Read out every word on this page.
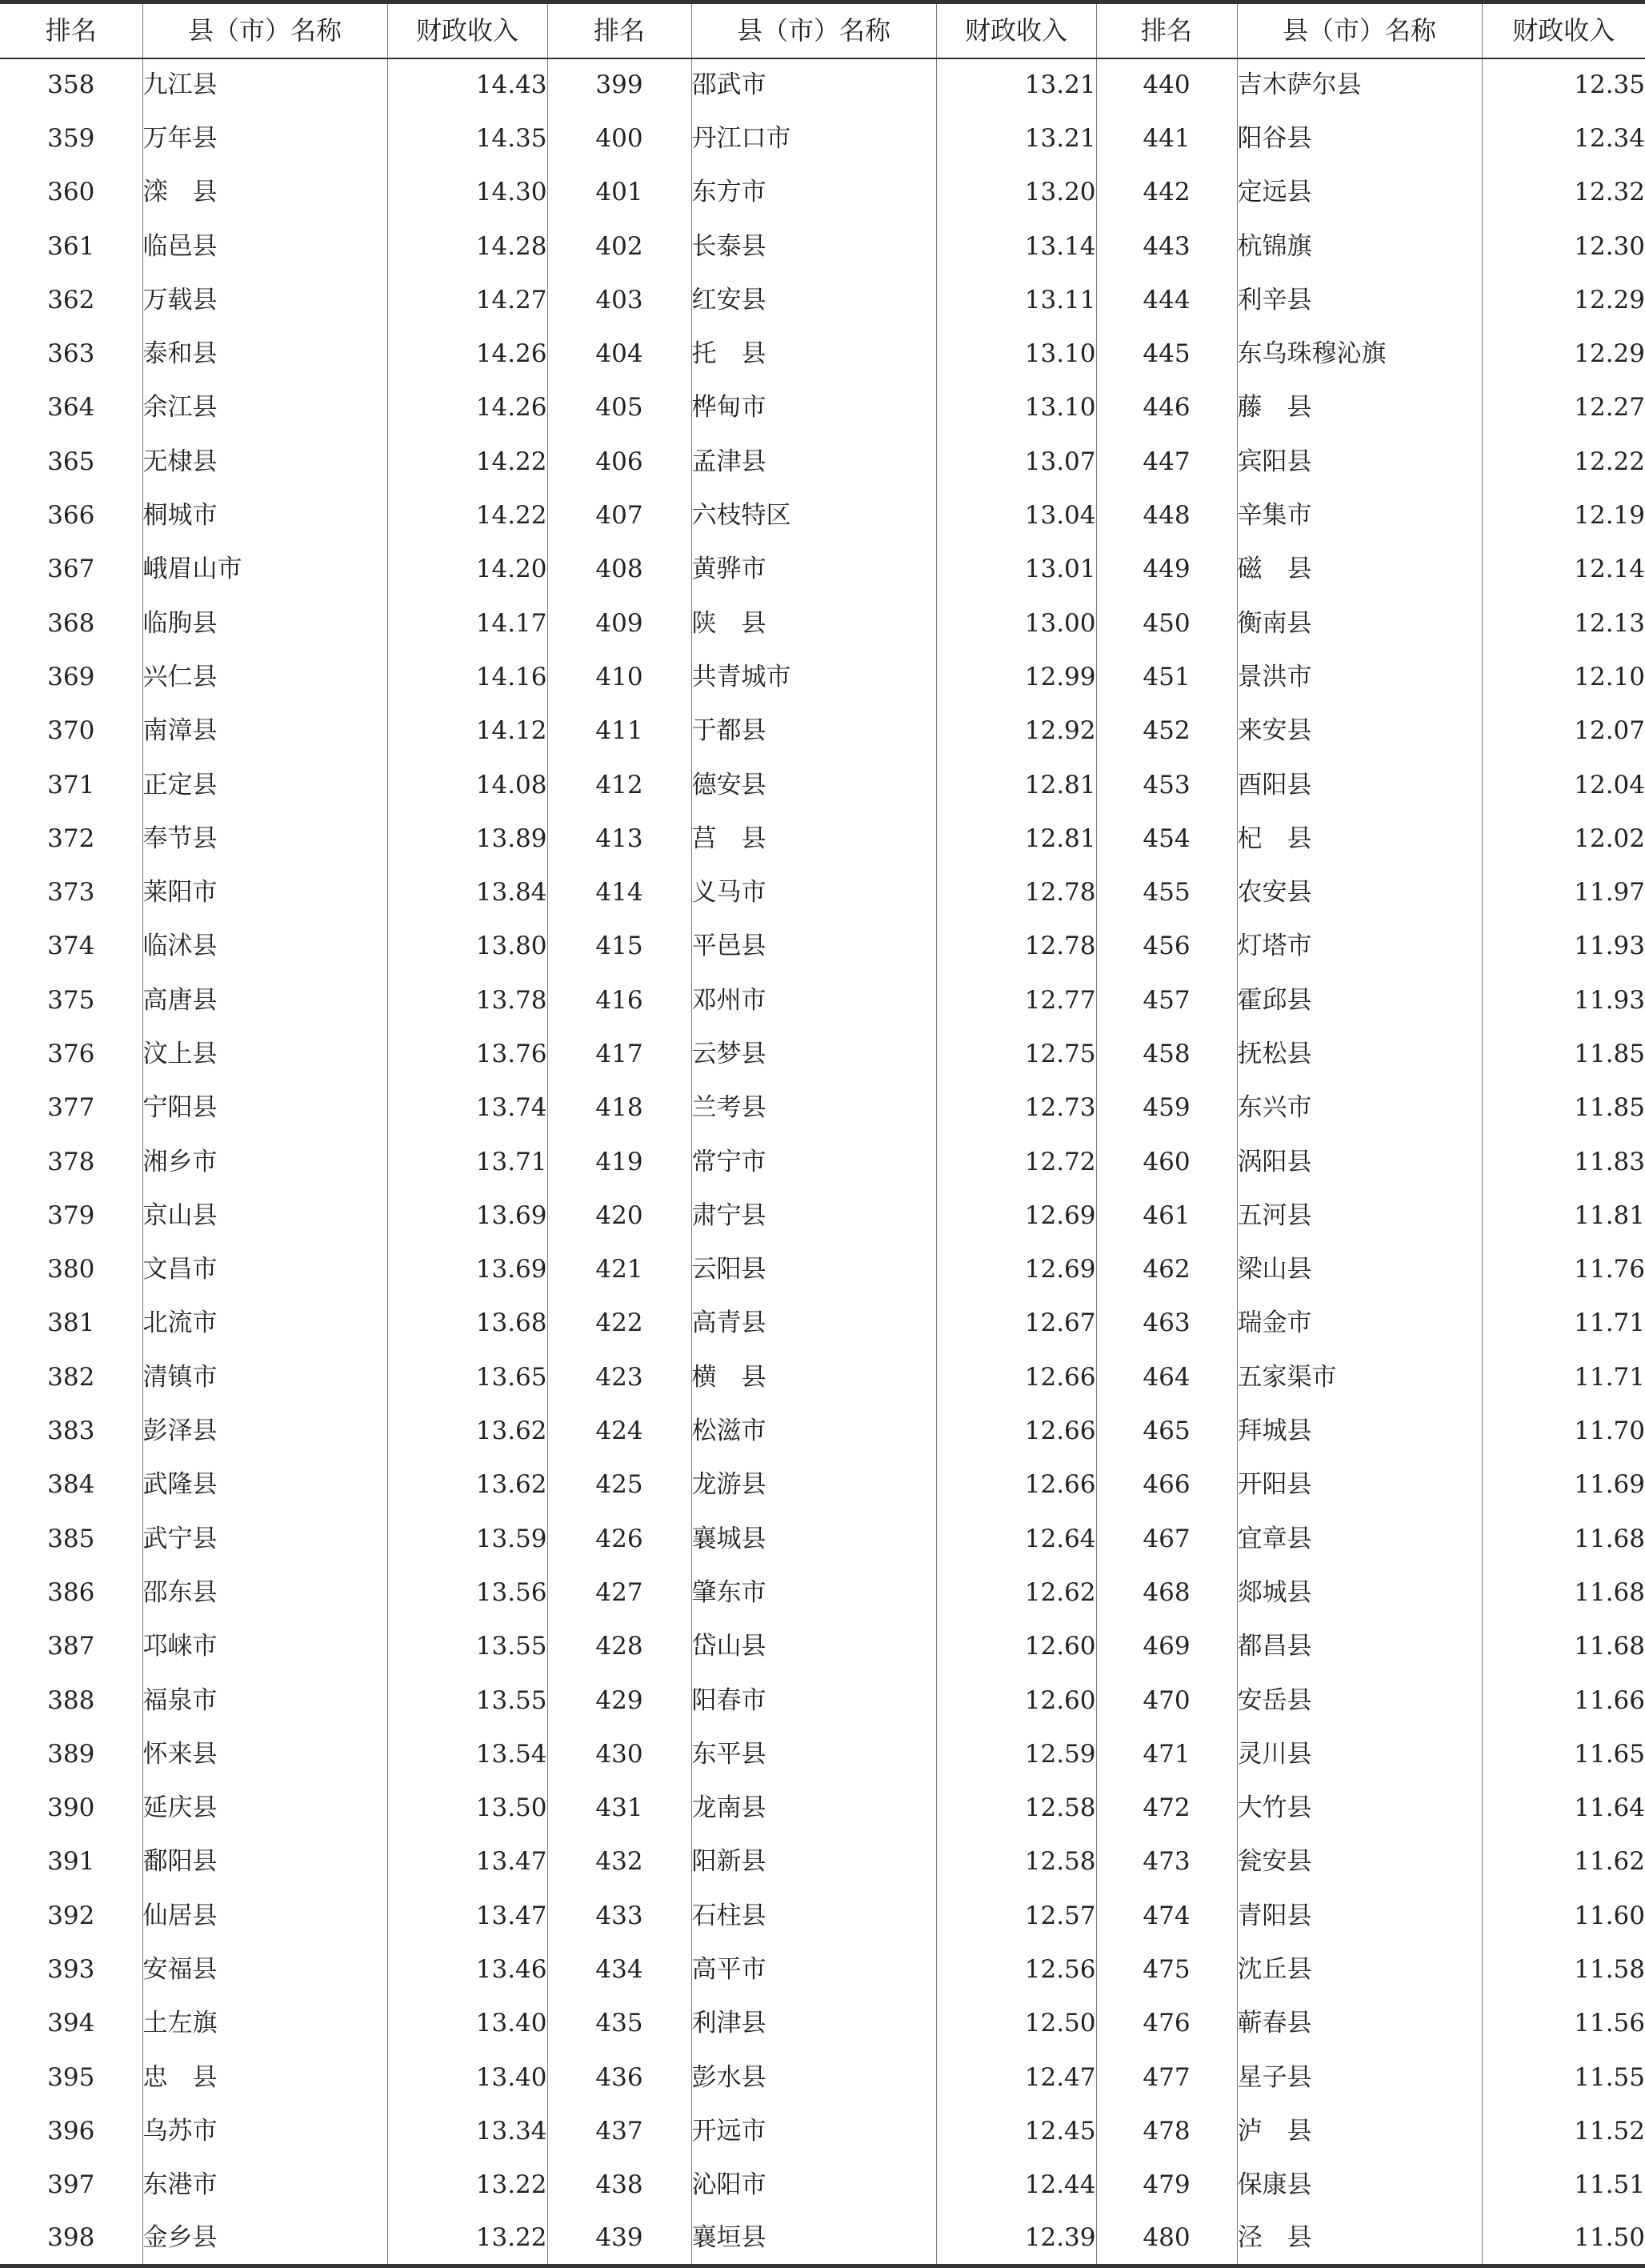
排名	县（市）名称	财政收入	排名	县（市）名称	财政收入	排名	县（市）名称	财政收入
358	九江县	14.43	399	邵武市	13.21	440	吉木萨尔县	12.35
359	万年县	14.35	400	丹江口市	13.21	441	阳谷县	12.34
360	滦　县	14.30	401	东方市	13.20	442	定远县	12.32
361	临邑县	14.28	402	长泰县	13.14	443	杭锦旗	12.30
362	万载县	14.27	403	红安县	13.11	444	利辛县	12.29
363	泰和县	14.26	404	托　县	13.10	445	东乌珠穆沁旗	12.29
364	余江县	14.26	405	桦甸市	13.10	446	藤　县	12.27
365	无棣县	14.22	406	孟津县	13.07	447	宾阳县	12.22
366	桐城市	14.22	407	六枝特区	13.04	448	辛集市	12.19
367	峨眉山市	14.20	408	黄骅市	13.01	449	磁　县	12.14
368	临朐县	14.17	409	陕　县	13.00	450	衡南县	12.13
369	兴仁县	14.16	410	共青城市	12.99	451	景洪市	12.10
370	南漳县	14.12	411	于都县	12.92	452	来安县	12.07
371	正定县	14.08	412	德安县	12.81	453	酉阳县	12.04
372	奉节县	13.89	413	莒　县	12.81	454	杞　县	12.02
373	莱阳市	13.84	414	义马市	12.78	455	农安县	11.97
374	临沭县	13.80	415	平邑县	12.78	456	灯塔市	11.93
375	高唐县	13.78	416	邓州市	12.77	457	霍邱县	11.93
376	汶上县	13.76	417	云梦县	12.75	458	抚松县	11.85
377	宁阳县	13.74	418	兰考县	12.73	459	东兴市	11.85
378	湘乡市	13.71	419	常宁市	12.72	460	涡阳县	11.83
379	京山县	13.69	420	肃宁县	12.69	461	五河县	11.81
380	文昌市	13.69	421	云阳县	12.69	462	梁山县	11.76
381	北流市	13.68	422	高青县	12.67	463	瑞金市	11.71
382	清镇市	13.65	423	横　县	12.66	464	五家渠市	11.71
383	彭泽县	13.62	424	松滋市	12.66	465	拜城县	11.70
384	武隆县	13.62	425	龙游县	12.66	466	开阳县	11.69
385	武宁县	13.59	426	襄城县	12.64	467	宜章县	11.68
386	邵东县	13.56	427	肇东市	12.62	468	郯城县	11.68
387	邛崃市	13.55	428	岱山县	12.60	469	都昌县	11.68
388	福泉市	13.55	429	阳春市	12.60	470	安岳县	11.66
389	怀来县	13.54	430	东平县	12.59	471	灵川县	11.65
390	延庆县	13.50	431	龙南县	12.58	472	大竹县	11.64
391	鄱阳县	13.47	432	阳新县	12.58	473	瓮安县	11.62
392	仙居县	13.47	433	石柱县	12.57	474	青阳县	11.60
393	安福县	13.46	434	高平市	12.56	475	沈丘县	11.58
394	土左旗	13.40	435	利津县	12.50	476	蕲春县	11.56
395	忠　县	13.40	436	彭水县	12.47	477	星子县	11.55
396	乌苏市	13.34	437	开远市	12.45	478	泸　县	11.52
397	东港市	13.22	438	沁阳市	12.44	479	保康县	11.51
398	金乡县	13.22	439	襄垣县	12.39	480	泾　县	11.50
